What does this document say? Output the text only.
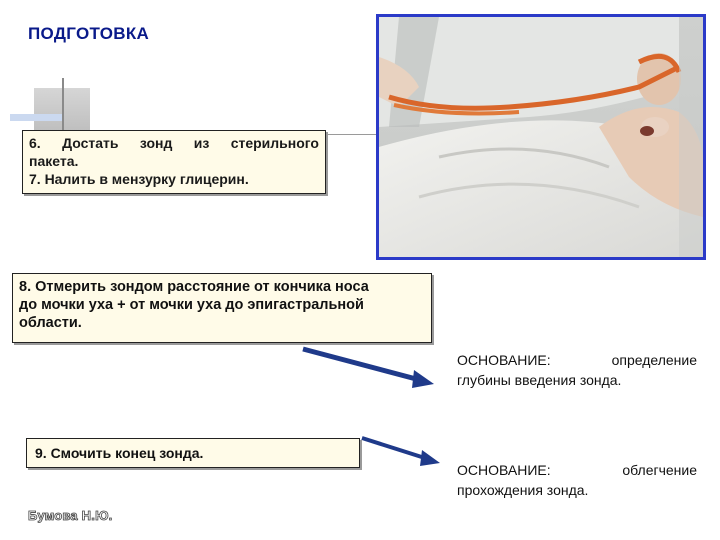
ПОДГОТОВКА
6. Достать зонд из стерильного
пакета.
7. Налить в мензурку глицерин.
8. Отмерить зондом расстояние от кончика носа
до мочки уха + от мочки уха до эпигастральной
области.
ОСНОВАНИЕ:	определение
глубины введения зонда.
9. Смочить конец зонда.
ОСНОВАНИЕ:	облегчение
прохождения зонда.
Бумова Н.Ю.
